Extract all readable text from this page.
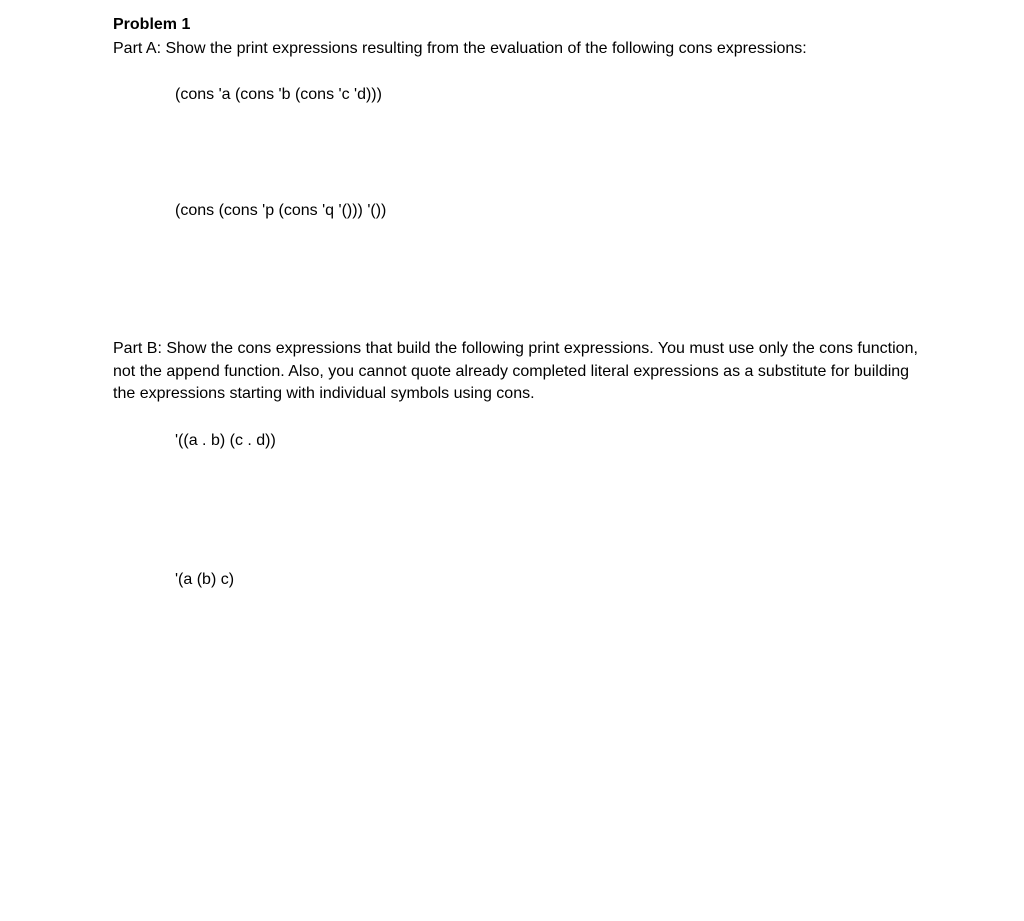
Problem 1
Part A: Show the print expressions resulting from the evaluation of the following cons expressions:
(cons 'a (cons 'b (cons 'c 'd)))
(cons (cons 'p (cons 'q '())) '())
Part B: Show the cons expressions that build the following print expressions. You must use only the cons function, not the append function. Also, you cannot quote already completed literal expressions as a substitute for building the expressions starting with individual symbols using cons.
'((a . b) (c . d))
'(a (b) c)
